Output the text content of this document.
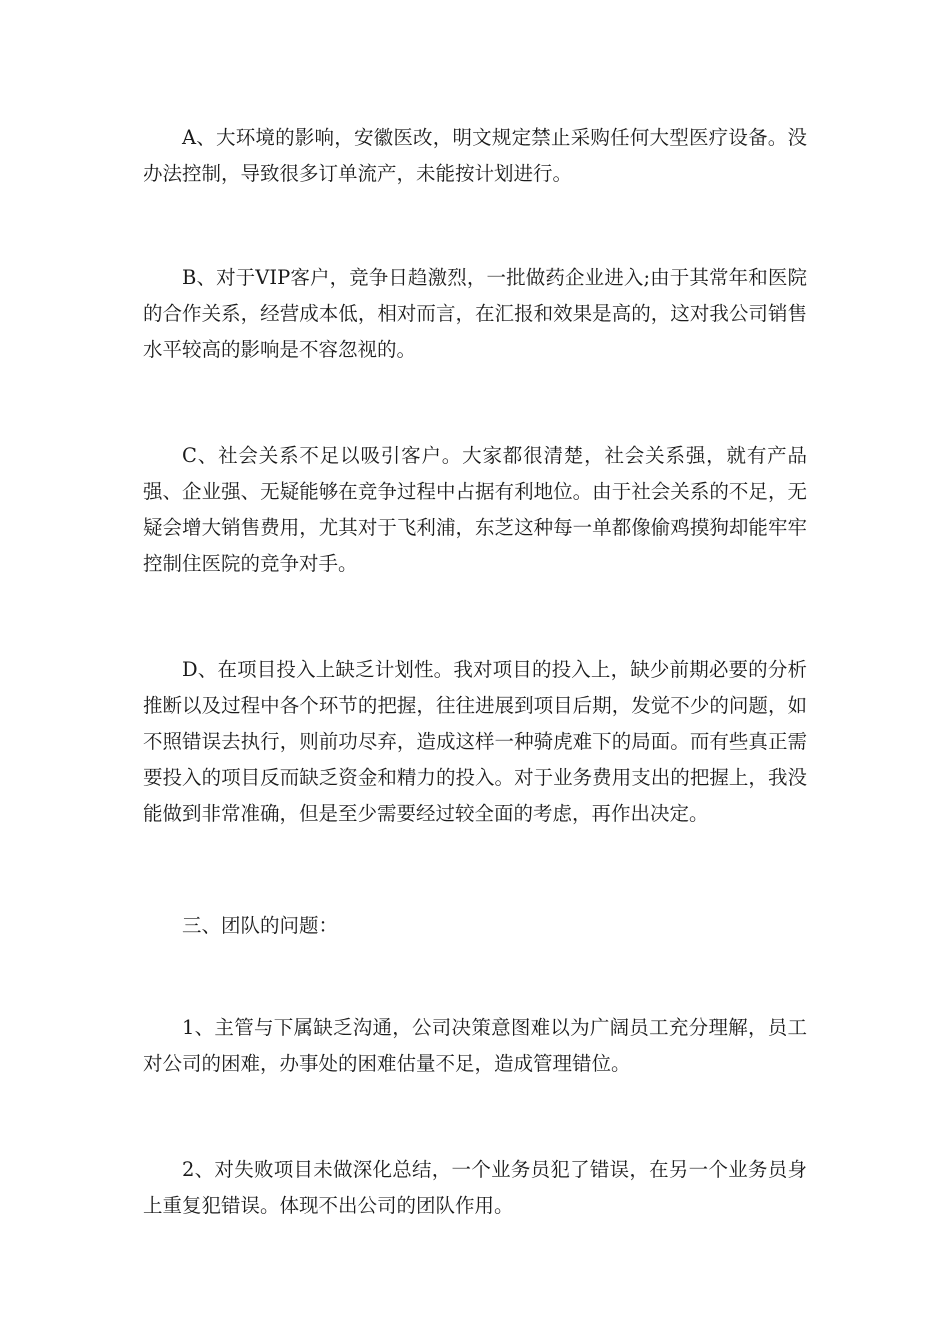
A、大环境的影响，安徽医改，明文规定禁止采购任何大型医疗设备。没办法控制，导致很多订单流产，未能按计划进行。

B、对于VIP客户，竞争日趋激烈，一批做药企业进入;由于其常年和医院的合作关系，经营成本低，相对而言，在汇报和效果是高的，这对我公司销售水平较高的影响是不容忽视的。

C、社会关系不足以吸引客户。大家都很清楚，社会关系强，就有产品强、企业强、无疑能够在竞争过程中占据有利地位。由于社会关系的不足，无疑会增大销售费用，尤其对于飞利浦，东芝这种每一单都像偷鸡摸狗却能牢牢控制住医院的竞争对手。

D、在项目投入上缺乏计划性。我对项目的投入上，缺少前期必要的分析推断以及过程中各个环节的把握，往往进展到项目后期，发觉不少的问题，如不照错误去执行，则前功尽弃，造成这样一种骑虎难下的局面。而有些真正需要投入的项目反而缺乏资金和精力的投入。对于业务费用支出的把握上，我没能做到非常准确，但是至少需要经过较全面的考虑，再作出决定。

三、团队的问题：

1、主管与下属缺乏沟通，公司决策意图难以为广阔员工充分理解，员工对公司的困难，办事处的困难估量不足，造成管理错位。

2、对失败项目未做深化总结，一个业务员犯了错误，在另一个业务员身上重复犯错误。体现不出公司的团队作用。
